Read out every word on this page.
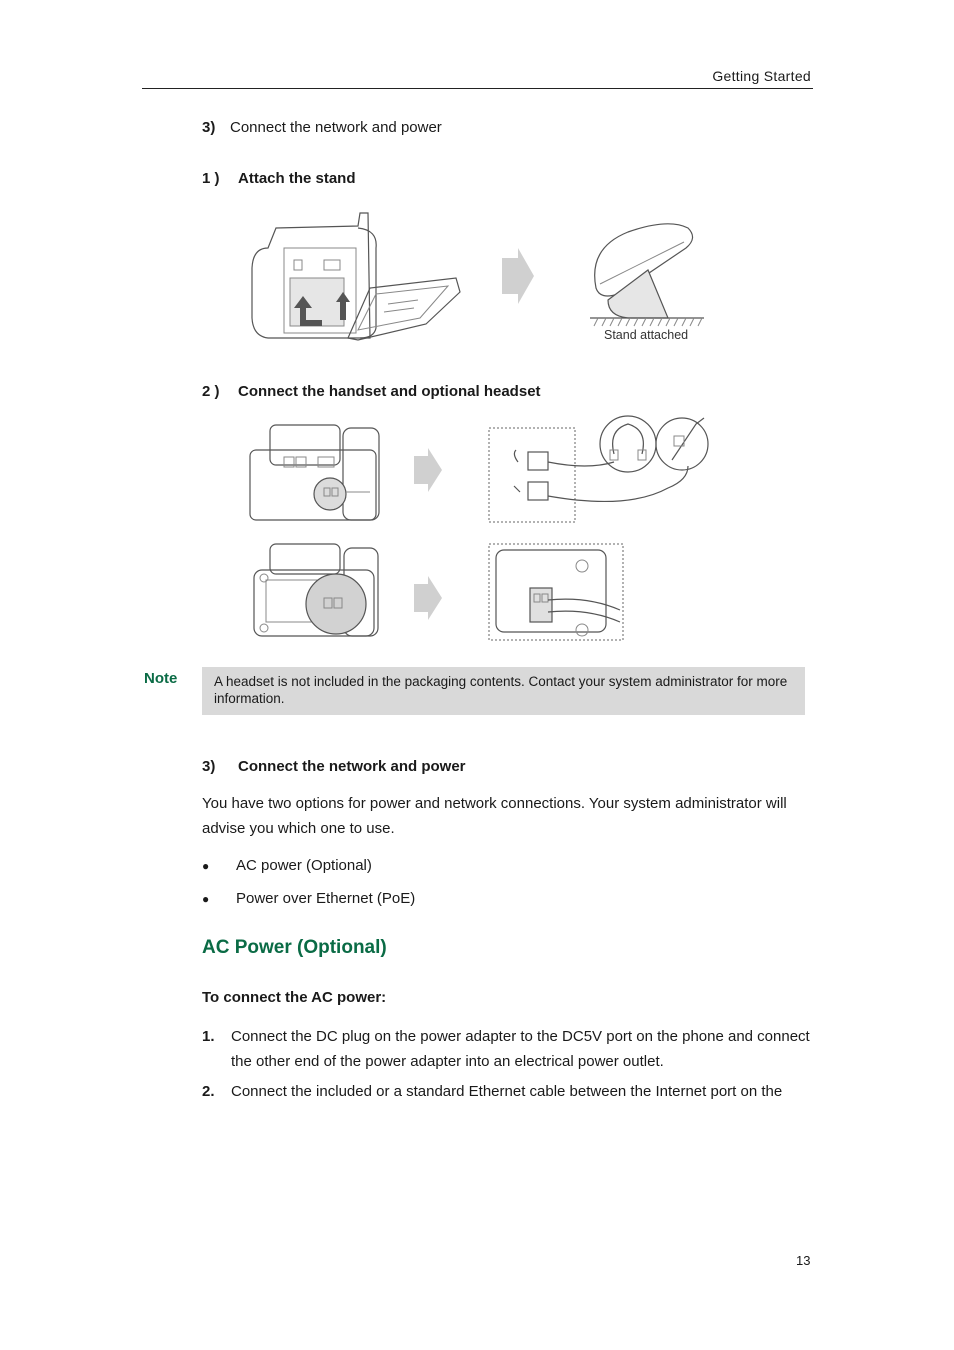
Getting Started
3) Connect the network and power
1 ) Attach the stand
Stand attached
2 ) Connect the handset and optional headset
Note	A headset is not included in the packaging contents. Contact your system administrator for more information.
3) Connect the network and power
You have two options for power and network connections. Your system administrator will advise you which one to use.
● AC power (Optional)
● Power over Ethernet (PoE)
AC Power (Optional)
To connect the AC power:
1.	Connect the DC plug on the power adapter to the DC5V port on the phone and connect the other end of the power adapter into an electrical power outlet.
2.	Connect the included or a standard Ethernet cable between the Internet port on the
13
